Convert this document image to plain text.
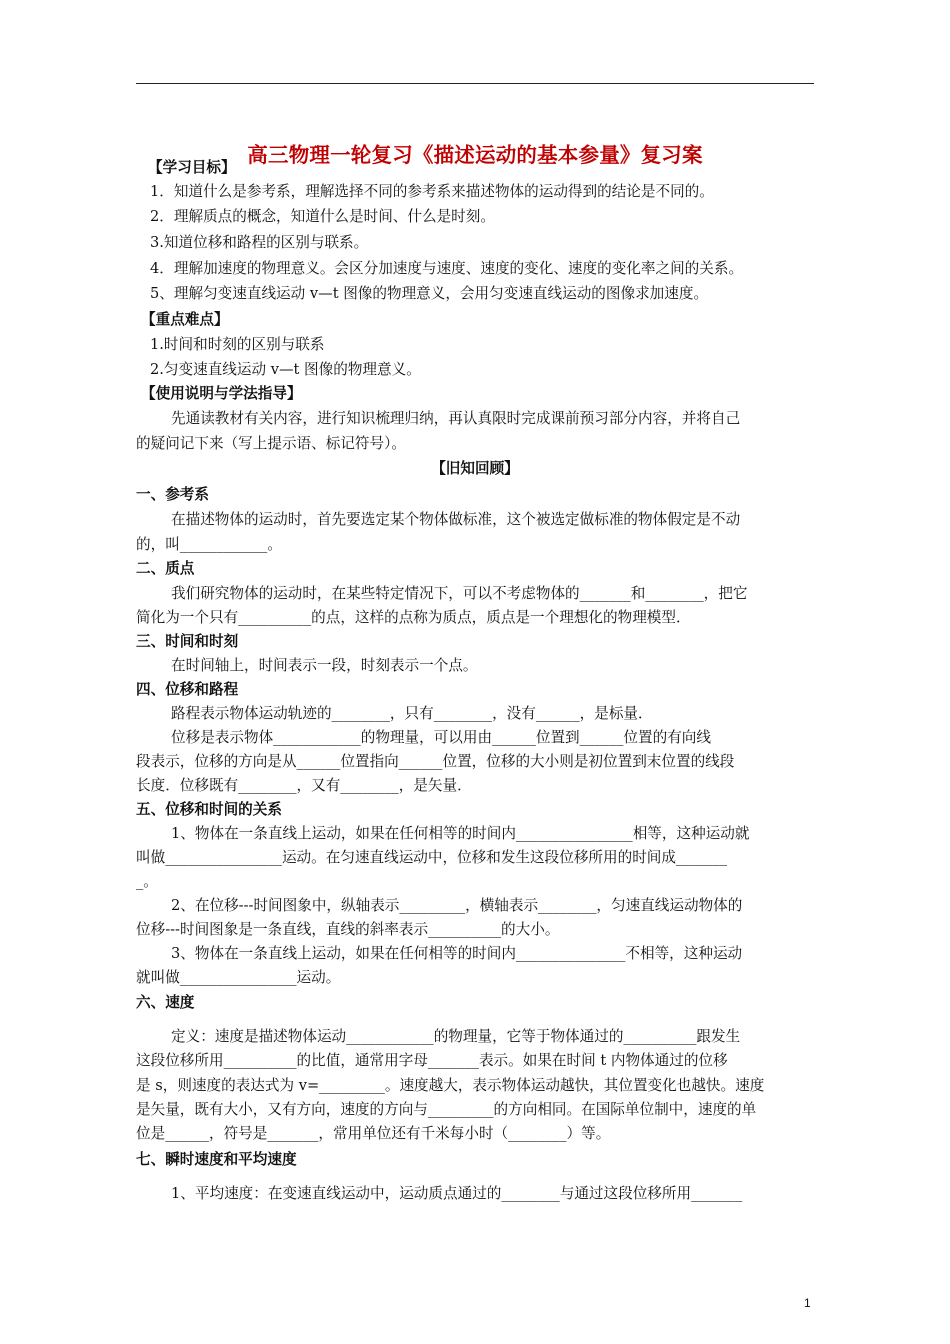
高三物理一轮复习《描述运动的基本参量》复习案
【学习目标】
1．知道什么是参考系，理解选择不同的参考系来描述物体的运动得到的结论是不同的。
2．理解质点的概念，知道什么是时间、什么是时刻。
3.知道位移和路程的区别与联系。
4．理解加速度的物理意义。会区分加速度与速度、速度的变化、速度的变化率之间的关系。
5、理解匀变速直线运动 v—t 图像的物理意义，会用匀变速直线运动的图像求加速度。
【重点难点】
1.时间和时刻的区别与联系
2.匀变速直线运动 v—t 图像的物理意义。
【使用说明与学法指导】
先通读教材有关内容，进行知识梳理归纳，再认真限时完成课前预习部分内容，并将自己
的疑问记下来（写上提示语、标记符号）。
【旧知回顾】
一、参考系
在描述物体的运动时，首先要选定某个物体做标准，这个被选定做标准的物体假定是不动
的，叫____________。
二、质点
我们研究物体的运动时，在某些特定情况下，可以不考虑物体的_______和________，把它
简化为一个只有__________的点，这样的点称为质点，质点是一个理想化的物理模型．
三、时间和时刻
在时间轴上，时间表示一段，时刻表示一个点。
四、位移和路程
路程表示物体运动轨迹的________，只有________，没有______，是标量．
位移是表示物体____________的物理量，可以用由______位置到______位置的有向线
段表示，位移的方向是从______位置指向______位置，位移的大小则是初位置到末位置的线段
长度．位移既有________，又有________，是矢量．
五、位移和时间的关系
1、物体在一条直线上运动，如果在任何相等的时间内________________相等，这种运动就
叫做________________运动。在匀速直线运动中，位移和发生这段位移所用的时间成_______
_。
2、在位移---时间图象中，纵轴表示_________，横轴表示________，匀速直线运动物体的
位移---时间图象是一条直线，直线的斜率表示__________的大小。
3、物体在一条直线上运动，如果在任何相等的时间内_______________不相等，这种运动
就叫做________________运动。
六、速度
定义：速度是描述物体运动____________的物理量，它等于物体通过的__________跟发生
这段位移所用__________的比值，通常用字母_______表示。如果在时间 t 内物体通过的位移
是 s，则速度的表达式为 v=_________。速度越大，表示物体运动越快，其位置变化也越快。速度
是矢量，既有大小，又有方向，速度的方向与_________的方向相同。在国际单位制中，速度的单
位是______，符号是_______，常用单位还有千米每小时（________）等。
七、瞬时速度和平均速度
1、平均速度：在变速直线运动中，运动质点通过的________与通过这段位移所用_______
1
